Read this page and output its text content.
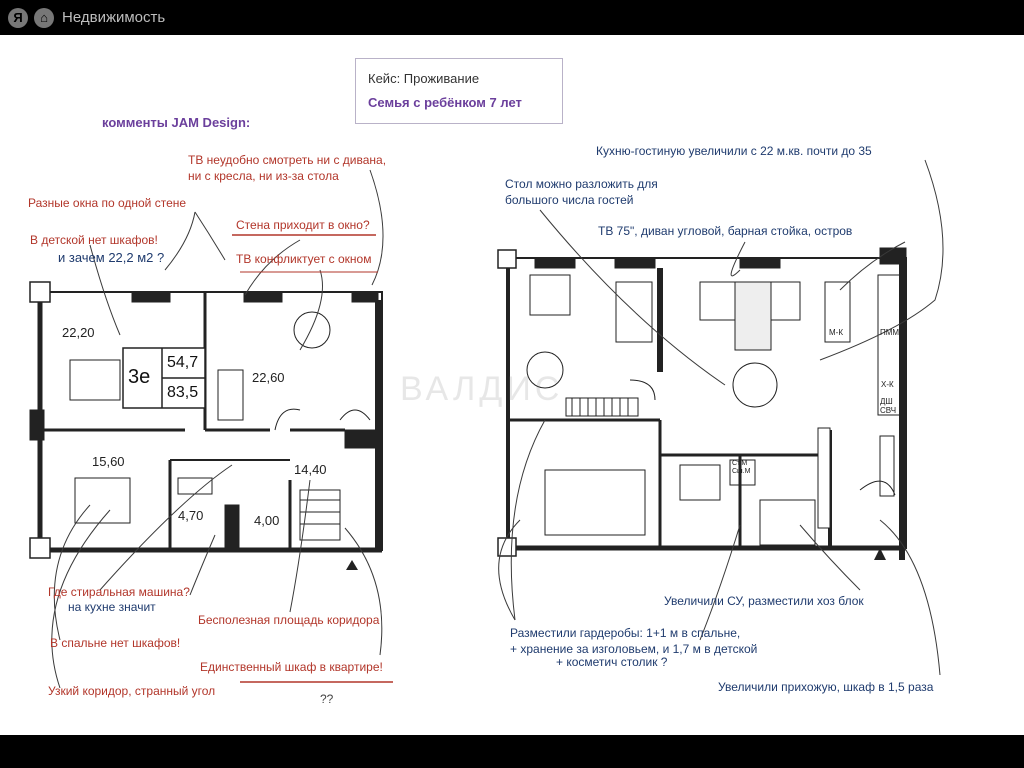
Я	⌂ Недвижимость
Кейс: Проживание
Семья с ребёнком 7 лет
3е
54,7
83,5
22,20
22,60
15,60
4,70	4,00
14,40
комменты JAM Design:
ТВ неудобно смотреть ни с дивана,
ни с кресла, ни из-за стола
Разные окна по одной стене
Стена приходит в окно?
В детской нет шкафов!
и зачем 22,2 м2 ?	ТВ конфликтует с окном
Где стиральная машина?
на кухне значит
Бесполезная площадь коридора
В спальне нет шкафов!
Единственный шкаф в квартире!
Узкий коридор, странный угол
??
Кухню-гостиную увеличили с 22 м.кв. почти до 35
Стол можно разложить для
большого числа гостей
ТВ 75", диван угловой, барная стойка, остров
Увеличили СУ, разместили хоз блок
Разместили гардеробы: 1+1 м в спальне,
+ хранение за изголовьем, и 1,7 м в детской
+ косметич столик ?
Увеличили прихожую, шкаф в 1,5 раза
М-К	ПММ
Х-К
ДШ
СВЧ
Ст.М
Сш.М
ВАЛДИС
